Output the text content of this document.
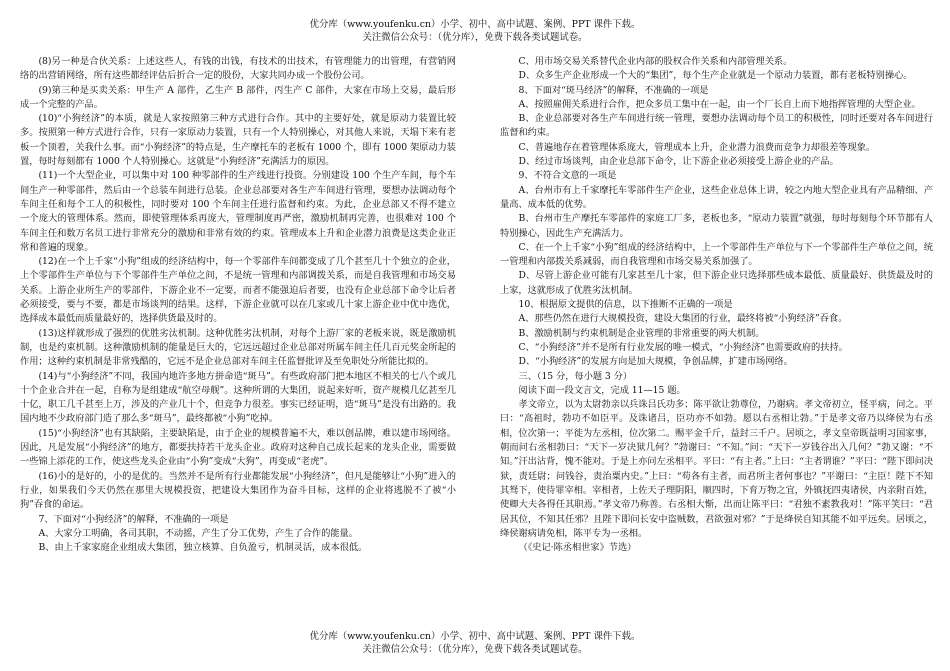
优分库（www.youfenku.cn）小学、初中、高中试题、案例、PPT 课件下载。
关注微信公众号：（优分库），免费下载各类试题试卷。

(8)另一种是合伙关系：上述这些人，有钱的出钱，有技术的出技术，有管理能力的出管理，有营销网络的出营销网络，所有这些都经评估后折合一定的股份，大家共同办成一个股份公司。

(9)第三种是买卖关系：甲生产 A 部件，乙生产 B 部件，丙生产 C 部件，大家在市场上交易，最后形成一个完整的产品。

(10)“小狗经济”的本质，就是人家按照第三种方式进行合作。其中的主要好处，就是原动力装置比较多。按照第一种方式进行合作，只有一家原动力装置，只有一个人特别操心，对其他人来说，天塌下来有老板一个顶着，关我什么事。而“小狗经济”的特点是，生产摩托车的老板有 1000 个，即有 1000 架原动力装置，每时每刻都有 1000 个人特别操心。这就是“小狗经济”充满活力的原因。

(11)一个大型企业，可以集中对 100 种零部件的生产线进行投资。分别建设 100 个生产车间，每个车间生产一种零部件，然后由一个总装车间进行总装。企业总部要对各生产车间进行管理，要想办法调动每个车间主任和每个工人的积极性，同时要对 100 个车间主任进行监督和约束。为此，企业总部又不得不建立一个庞大的管理体系。然而，即使管理体系再庞大，管理制度再严密，激励机制再完善，也很难对 100 个车间主任和数万名员工进行非常充分的激励和非常有效的约束。管理成本上升和企业潜力浪费是这类企业正常和普遍的现象。

(12)在一个上千家“小狗”组成的经济结构中，每一个零部件车间都变成了几个甚至几十个独立的企业，上个零部件生产单位与下个零部件生产单位之间，不是统一管理和内部调拨关系，而是自我管理和市场交易关系。上游企业所生产的零部件，下游企业不一定要，而者不能强迫后者要，也没有企业总部下命令让后者必须接受，要与不要，都是市场谈判的结果。这样，下游企业就可以在几家或几十家上游企业中优中选优，选择成本最低而质量最好的，选择供货最及时的。

(13)这样就形成了强烈的优胜劣汰机制。这种优胜劣汰机制，对每个上游厂家的老板来说，既是激励机制，也是约束机制。这种激励机制的能量是巨大的，它远远超过企业总部对所属车间主任几百元奖金所起的作用；这种约束机制是非常残酷的，它远不是企业总部对车间主任监督批评及至免职处分所能比拟的。

(14)与“小狗经济”不同，我国内地许多地方拼命造“斑马”。有些政府部门把本地区不相关的七八个或几十个企业合并在一起，自称为是组建成“航空母舰”。这种所谓的大集团，说起来好听，资产规模几亿甚至几十亿，职工几千甚至上万，涉及的产业几十个，但竞争力很差。事实已经证明，造“斑马”是没有出路的。我国内地不少政府部门造了那么多“斑马”，最终都被“小狗”吃掉。

(15)“小狗经济”也有其缺陷，主要缺陷是，由于企业的规模普遍不大，难以创品牌，难以建市场网络。因此，凡是发展“小狗经济”的地方，都要扶持若干龙头企业。政府对这种自己成长起来的龙头企业，需要做一些锦上添花的工作，使这些龙头企业由“小狗”变成“大狗”，再变成“老虎”。

(16)小的是好的，小的是优的。当然并不是所有行业都能发展“小狗经济”，但凡是能够让“小狗”进入的行业，如果我们今天仍然在那里大规模投资，把建设大集团作为奋斗目标，这样的企业将逃脱不了被“小狗”吞食的命运。

7、下面对“小狗经济”的解释，不准确的一项是

A、大家分工明确，各司其职，不动摇，产生了分工优势，产生了合作的能量。

B、由上千家家庭企业组成大集团，独立核算、自负盈亏，机制灵活，成本很低。

C、用市场交易关系替代企业内部的股权合作关系和内部管理关系。

D、众多生产企业形成一个大的“集团”，每个生产企业就是一个原动力装置，都有老板特别操心。

8、下面对“斑马经济”的解释，不准确的一项是

A、按照雇佣关系进行合作，把众多员工集中在一起，由一个厂长自上而下地指挥管理的大型企业。

B、企业总部要对各生产车间进行统一管理，要想办法调动每个员工的积极性，同时还要对各车间进行监督和约束。

C、普遍地存在着管理体系庞大，管理成本上升，企业潜力浪费而竞争力却很差等现象。

D、经过市场谈判，由企业总部下命令，让下游企业必须接受上游企业的产品。

9、不符合文意的一项是

A、台州市有上千家摩托车零部件生产企业，这些企业总体上讲，较之内地大型企业具有产品精细、产量高、成本低的优势。

B、台州市生产摩托车零部件的家庭工厂多，老板也多，“原动力装置”就强，每时每刻每个环节都有人特别操心，因此生产充满活力。

C、在一个上千家“小狗”组成的经济结构中，上一个零部件生产单位与下一个零部件生产单位之间，统一管理和内部拨关系减弱，而自我管理和市场交易关系加强了。

D、尽管上游企业可能有几家甚至几十家，但下游企业只选择那些成本最低、质量最好、供货最及时的上家，这就形成了优胜劣汰机制。

10、根据原文提供的信息，以下推断不正确的一项是

A、那些仍然在进行大规模投资，建设大集团的行业，最终将被“小狗经济”吞食。

B、激励机制与约束机制是企业管理的非常重要的两大机制。

C、“小狗经济”并不是所有行业发展的唯一模式，“小狗经济”也需要政府的扶持。

D、“小狗经济”的发展方向是加大规模，争创品牌，扩建市场网络。

三、（15 分，每小题 3 分）

阅读下面一段文言文，完成 11—15 题。

孝文帝立，以为太尉勃亲以兵诛吕氏功多；陈平欲让勃尊位，乃谢病。孝文帝初立，怪平病，问之。平曰：“高祖时，勃功不如臣平。及诛诸吕，臣功亦不如勃。愿以右丞相让勃。”于是孝文帝乃以绛侯为右丞相，位次第一；平徙为左丞相，位次第二。赐平金千斤，益封三千户。居顷之，孝文皇帝既益明习国家事，朝而问右丞相勃曰：“天下一岁决狱几何？”勃谢曰：“不知。”问：“天下一岁钱谷出入几何？”勃又谢：“不知。”汗出沾背，愧不能对。于是上亦问左丞相平。平曰：“有主者。”上曰：“主者谓谁？”平曰：“陛下即问决狱，责廷尉；问钱谷，责治粟内史。”上曰：“苟各有主者，而君所主者何事也？”平谢曰：“主臣！陛下不知其驽下，使待罪宰相。宰相者，上佐天子理阴阳，顺四时，下育万物之宜，外镇抚四夷诸侯，内亲附百姓，使卿大夫各得任其职焉。”孝文帝乃称善。右丞相大惭，出而让陈平曰：“君独不素教我对！”陈平笑曰：“君居其位，不知其任邪？且陛下即问长安中盗贼数，君欲强对邪？”于是绛侯自知其能不如平远矣。居顷之，绛侯谢病请免相，陈平专为一丞相。

（《史记·陈丞相世家》节选）

优分库（www.youfenku.cn）小学、初中、高中试题、案例、PPT 课件下载。
关注微信公众号：（优分库），免费下载各类试题试卷。
